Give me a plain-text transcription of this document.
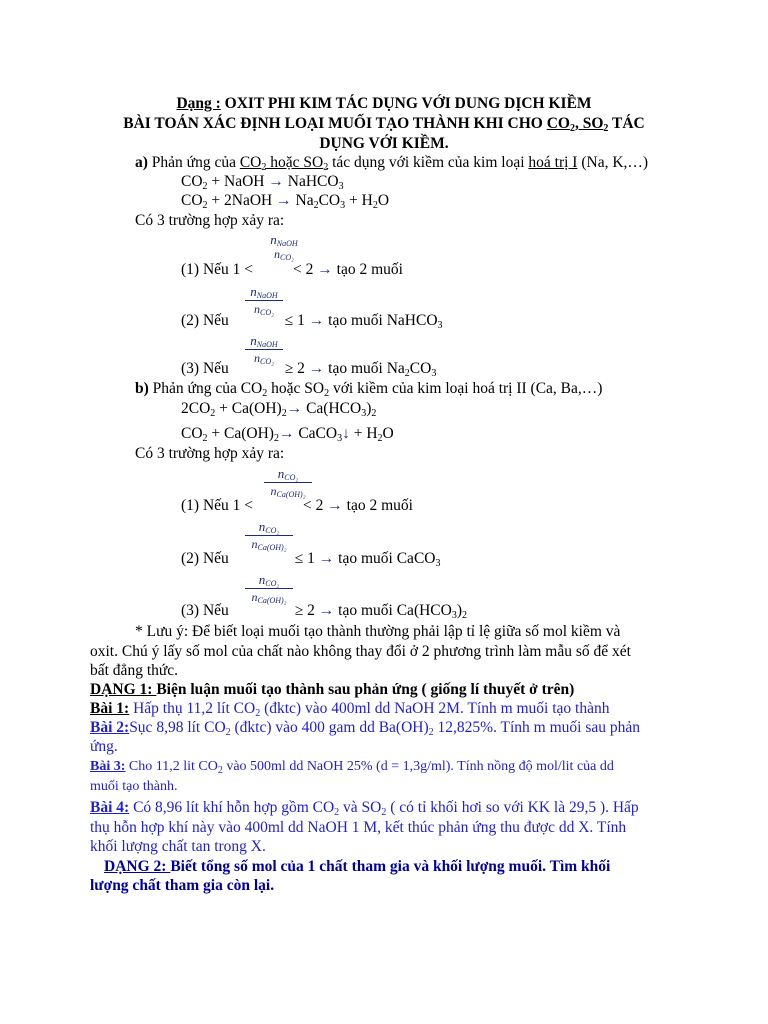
Dạng : OXIT PHI KIM TÁC DỤNG VỚI DUNG DỊCH KIỀM
BÀI TOÁN XÁC ĐỊNH LOẠI MUỐI TẠO THÀNH KHI CHO $CO_2$, $SO_2$ TÁC
DỤNG VỚI KIỀM.
a) Phản ứng của $CO_2$ hoặc $SO_2$ tác dụng với kiềm của kim loại hoá trị I (Na, K,…)
$CO_2$ + NaOH → NaHCO$_3$
$CO_2$ + 2NaOH → $Na_2CO_3 + H_2O$
Có 3 trường hợp xảy ra:
$n_{NaOH}$
$n_{CO_2}$
(1) Nếu 1 <	< 2 → tạo 2 muối
$n_{NaOH}$
$n_{CO_2}$
(2) Nếu	≤ 1 → tạo muối NaHCO$_3$
$n_{NaOH}$
$n_{CO_2}$
(3) Nếu	≥ 2 → tạo muối $Na_2CO_3$
b) Phản ứng của $CO_2$ hoặc $SO_2$ với kiềm của kim loại hoá trị II (Ca, Ba,…)
$2CO_2 + Ca(OH)_2\to Ca(HCO_3)_2$
$CO_2 + Ca(OH)_2\to$ CaCO$_3$↓ + $H_2O$
Có 3 trường hợp xảy ra:
$n_{CO_2}$
$n_{Ca(OH)_2}$
(1) Nếu 1 <	< 2 → tạo 2 muối
$n_{CO_2}$
$n_{Ca(OH)_2}$
(2) Nếu	≤ 1 → tạo muối CaCO$_3$
$n_{CO_2}$
$n_{Ca(OH)_2}$
(3) Nếu	≥ 2 → tạo muối $Ca(HCO_3)_2$
* Lưu ý: Để biết loại muối tạo thành thường phải lập tỉ lệ giữa số mol kiềm và
oxit. Chú ý lấy số mol của chất nào không thay đổi ở 2 phương trình làm mẫu số để xét
bất đẳng thức.
DẠNG 1: Biện luận muối tạo thành sau phản ứng ( giống lí thuyết ở trên)
Bài 1: Hấp thụ 11,2 lít $CO_2$ (đktc) vào 400ml dd NaOH 2M. Tính m muối tạo thành
Bài 2:Sục 8,98 lít $CO_2$ (đktc) vào 400 gam dd $Ba(OH)_2$ 12,825%. Tính m muối sau phản
ứng.
Bài 3: Cho 11,2 lit $CO_2$ vào 500ml dd NaOH 25% (d = 1,3g/ml). Tính nồng độ mol/lit của dd
muối tạo thành.
Bài 4: Có 8,96 lít khí hỗn hợp gồm $CO_2$ và $SO_2$ ( có tỉ khối hơi so với KK là 29,5 ). Hấp
thụ hỗn hợp khí này vào 400ml dd NaOH 1 M, kết thúc phản ứng thu được dd X. Tính
khối lượng chất tan trong X.
DẠNG 2: Biết tổng số mol của 1 chất tham gia và khối lượng muối. Tìm khối
lượng chất tham gia còn lại.
